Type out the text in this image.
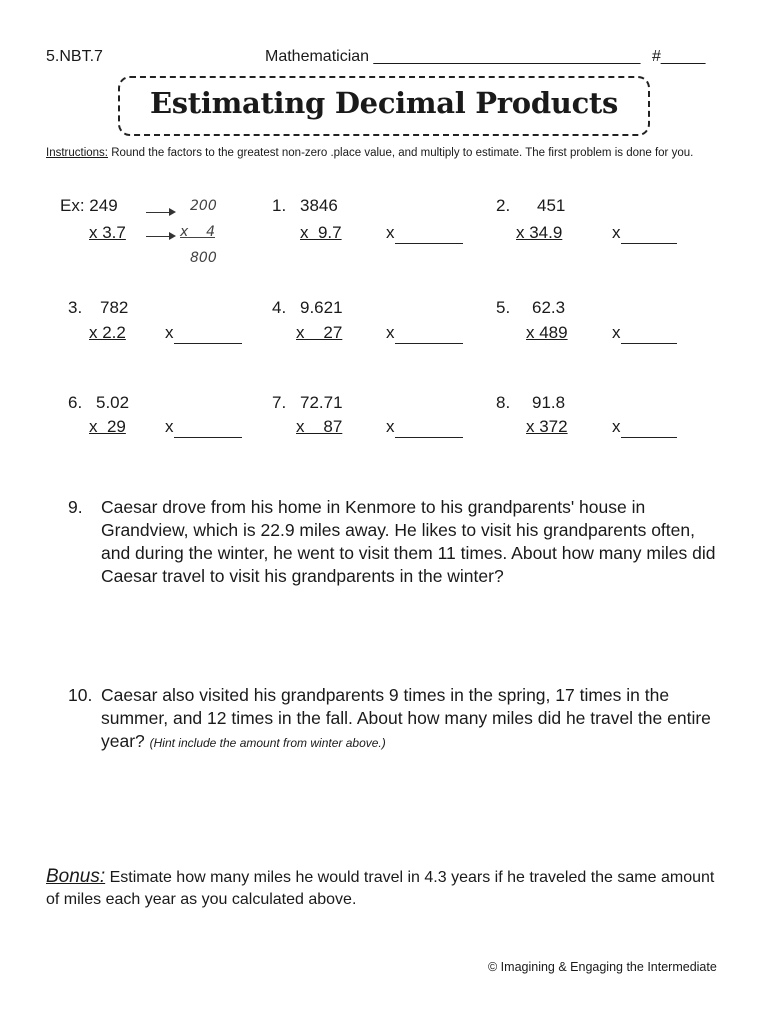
5.NBT.7	Mathematician ______________________________ #_____
Estimating Decimal Products
Instructions: Round the factors to the greatest non-zero .place value, and multiply to estimate. The first problem is done for you.
Ex: 249
x 3.7
200
x    4
800
1. 3846
x  9.7	x
2. 451
x 34.9	x
3. 782
x 2.2 x
4. 9.621
x    27	x
5. 62.3
x 489	x
6. 5.02
x  29 x
7. 72.71
x    87	x
8. 91.8
x 372	x
9. Caesar drove from his home in Kenmore to his grandparents' house in Grandview, which is 22.9 miles away. He likes to visit his grandparents often, and during the winter, he went to visit them 11 times. About how many miles did Caesar travel to visit his grandparents in the winter?
10. Caesar also visited his grandparents 9 times in the spring, 17 times in the summer, and 12 times in the fall. About how many miles did he travel the entire year? (Hint include the amount from winter above.)
Bonus: Estimate how many miles he would travel in 4.3 years if he traveled the same amount of miles each year as you calculated above.
© Imagining & Engaging the Intermediate
